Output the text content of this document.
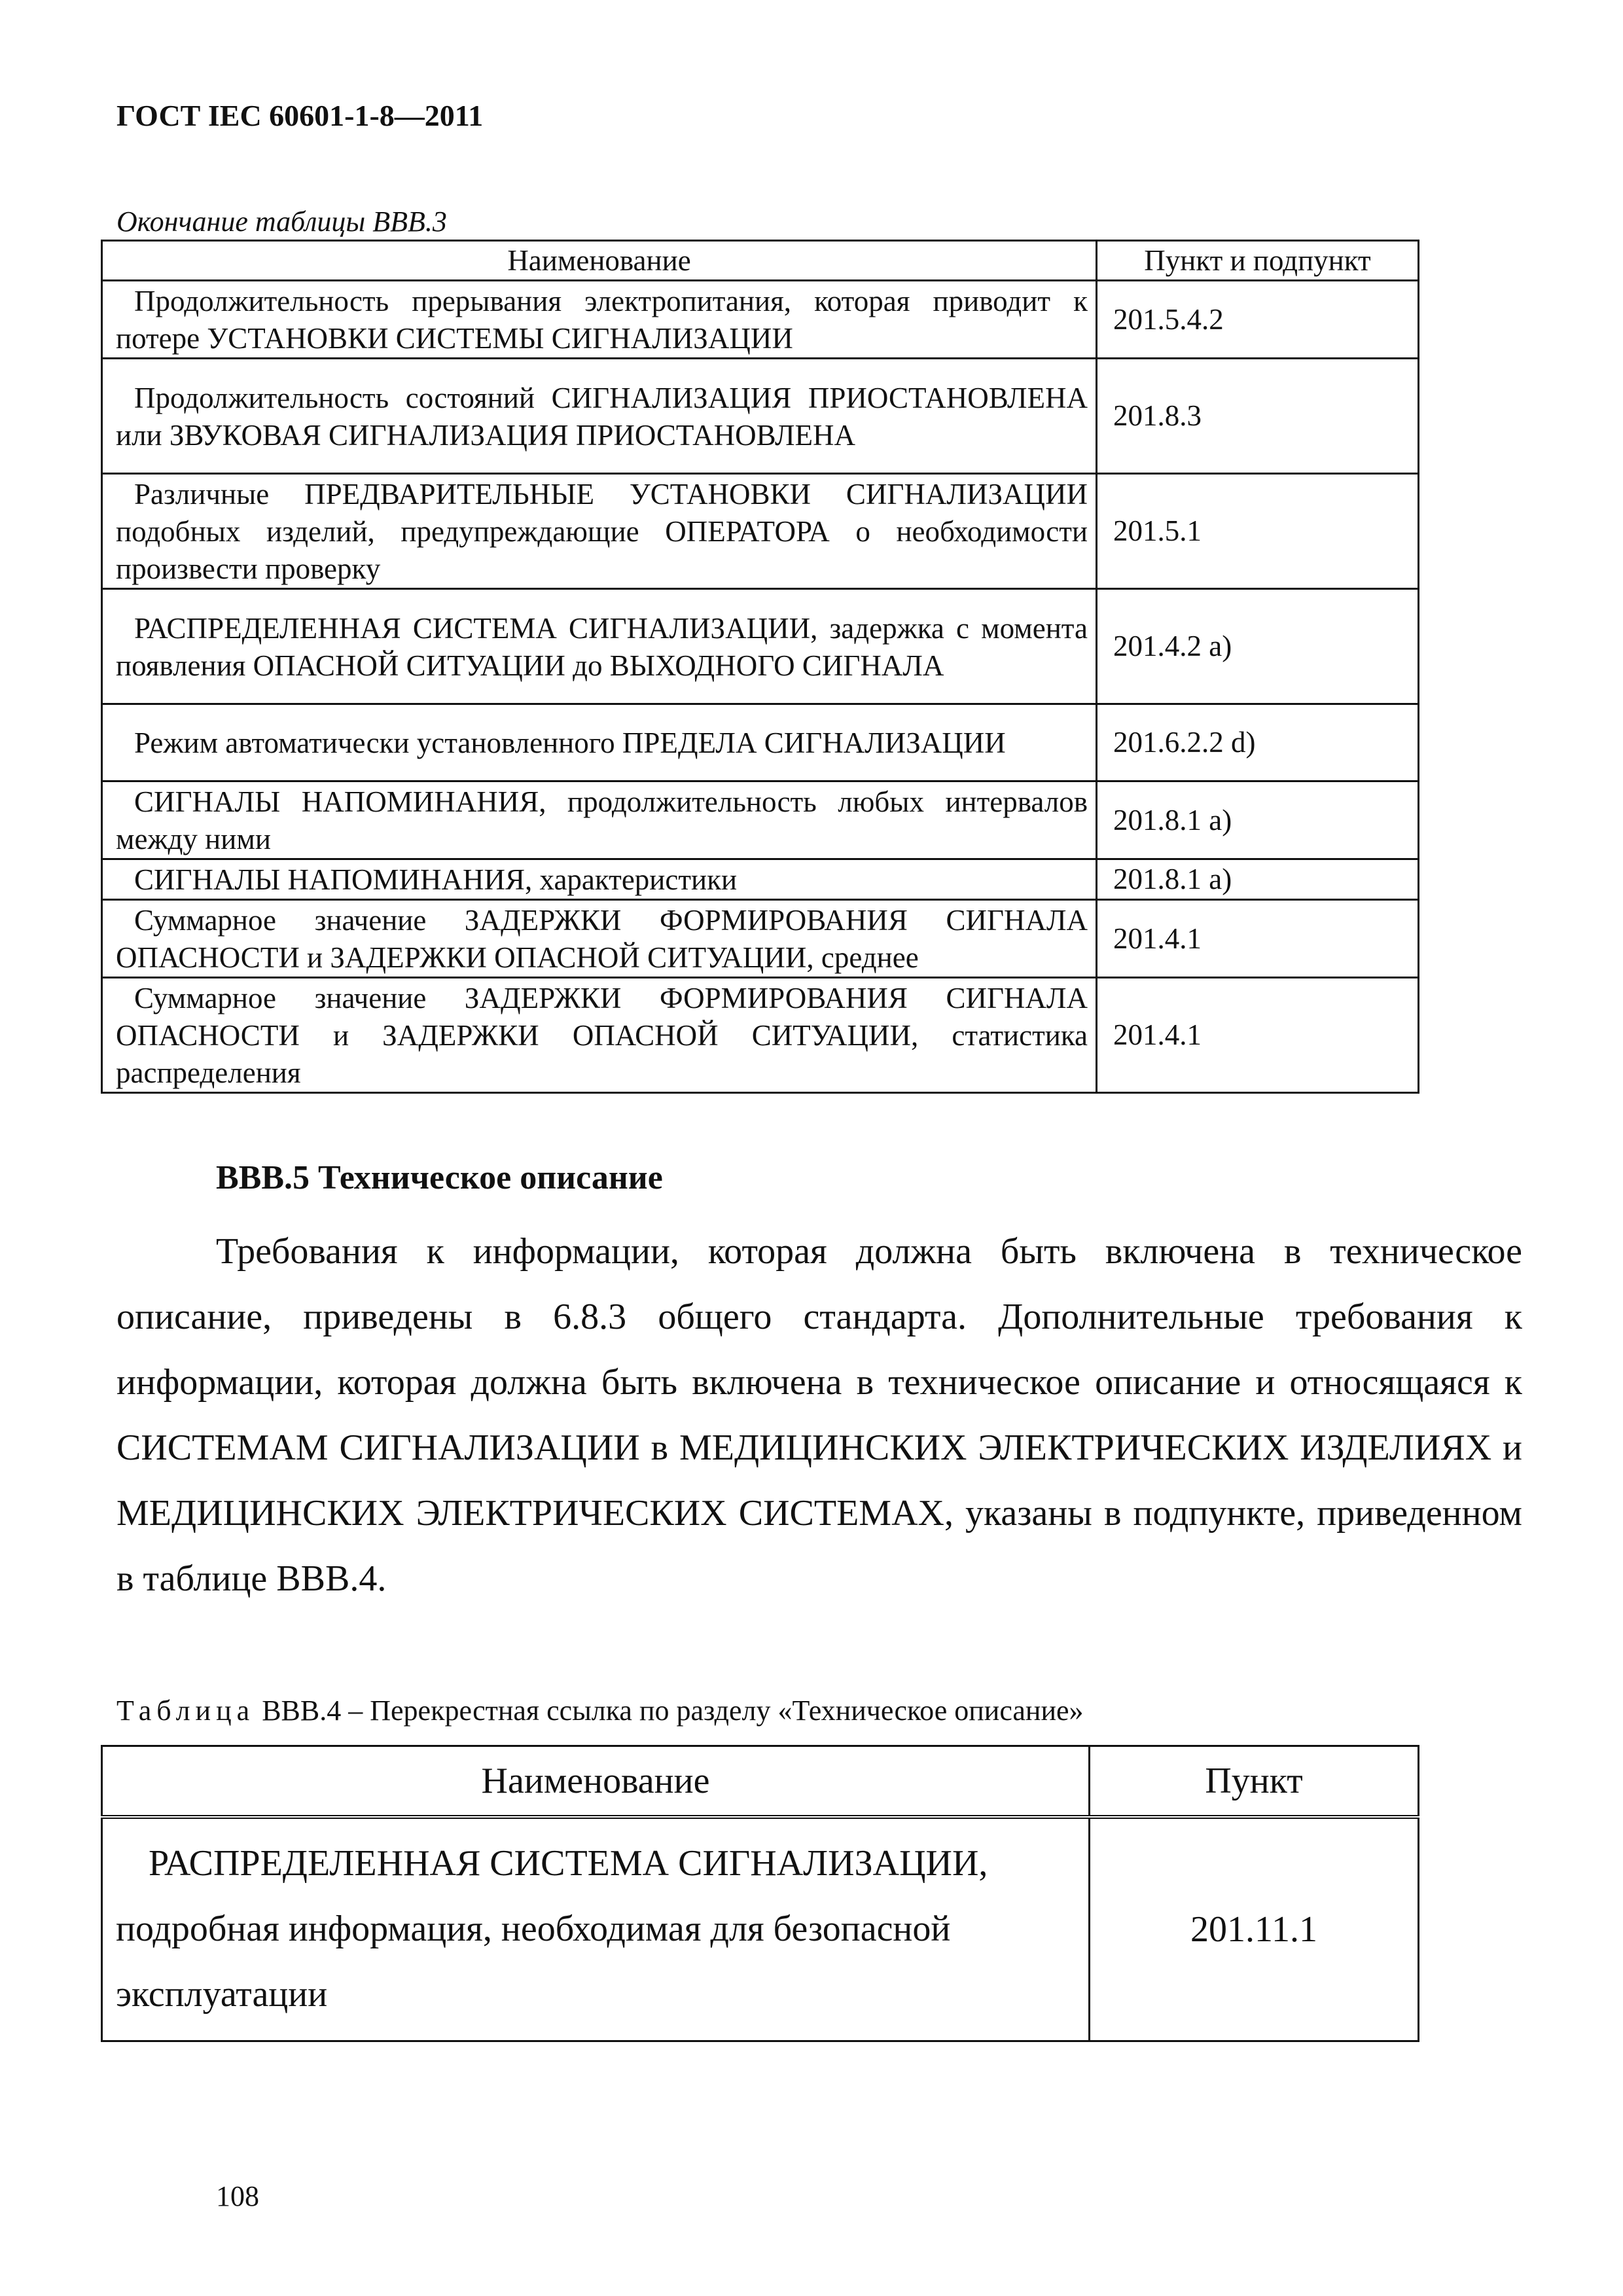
ГОСТ IEC 60601-1-8—2011
Окончание таблицы ВВВ.3
Наименование	Пункт и подпункт
Продолжительность прерывания электропитания, которая приводит к потере УСТАНОВКИ СИСТЕМЫ СИГНАЛИЗАЦИИ	201.5.4.2
Продолжительность состояний СИГНАЛИЗАЦИЯ ПРИОСТАНОВЛЕНА или ЗВУКОВАЯ СИГНАЛИЗАЦИЯ ПРИОСТАНОВЛЕНА	201.8.3
Различные ПРЕДВАРИТЕЛЬНЫЕ УСТАНОВКИ СИГНАЛИЗАЦИИ подобных изделий, предупреждающие ОПЕРАТОРА о необходимости произвести проверку	201.5.1
РАСПРЕДЕЛЕННАЯ СИСТЕМА СИГНАЛИЗАЦИИ, задержка с момента появления ОПАСНОЙ СИТУАЦИИ до ВЫХОДНОГО СИГНАЛА	201.4.2 а)
Режим автоматически установленного ПРЕДЕЛА СИГНАЛИЗАЦИИ	201.6.2.2 d)
СИГНАЛЫ НАПОМИНАНИЯ, продолжительность любых интервалов между ними	201.8.1 а)
СИГНАЛЫ НАПОМИНАНИЯ, характеристики	201.8.1 а)
Суммарное значение ЗАДЕРЖКИ ФОРМИРОВАНИЯ СИГНАЛА ОПАСНОСТИ и ЗАДЕРЖКИ ОПАСНОЙ СИТУАЦИИ, среднее	201.4.1
Суммарное значение ЗАДЕРЖКИ ФОРМИРОВАНИЯ СИГНАЛА ОПАСНОСТИ и ЗАДЕРЖКИ ОПАСНОЙ СИТУАЦИИ, статистика распределения	201.4.1
ВВВ.5 Техническое описание
Требования к информации, которая должна быть включена в техническое описание, приведены в 6.8.3 общего стандарта. Дополнительные требования к информации, которая должна быть включена в техническое описание и относящаяся к СИСТЕМАМ СИГНАЛИЗАЦИИ в МЕДИЦИНСКИХ ЭЛЕКТРИЧЕСКИХ ИЗДЕЛИЯХ и МЕДИЦИНСКИХ ЭЛЕКТРИЧЕСКИХ СИСТЕМАХ, указаны в подпункте, приведенном в таблице ВВВ.4.
Таблица ВВВ.4 – Перекрестная ссылка по разделу «Техническое описание»
Наименование	Пункт
РАСПРЕДЕЛЕННАЯ СИСТЕМА СИГНАЛИЗАЦИИ, подробная информация, необходимая для безопасной эксплуатации	201.11.1
108
